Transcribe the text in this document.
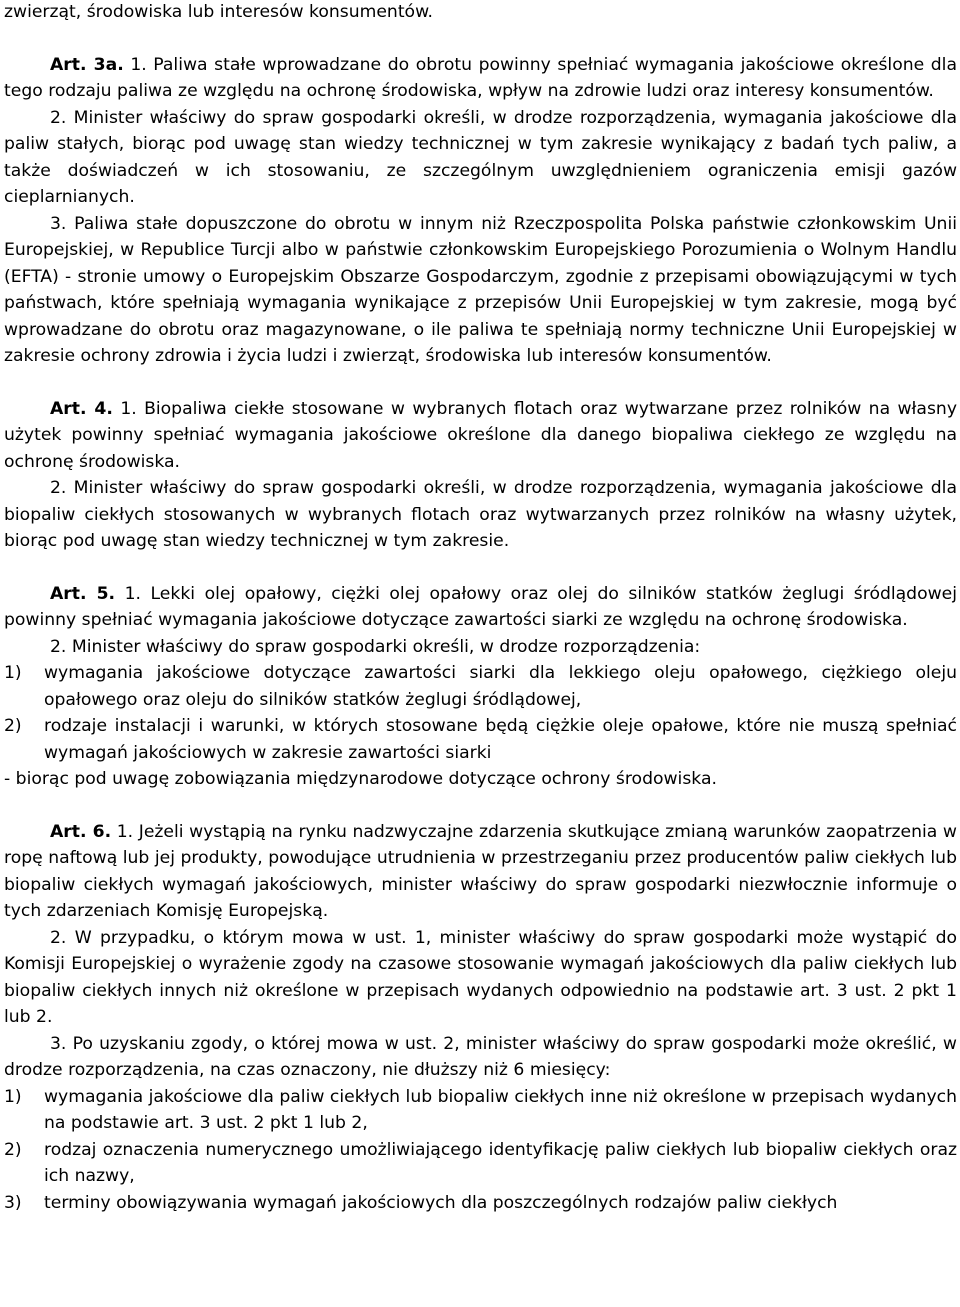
zwierząt, środowiska lub interesów konsumentów.

Art. 3a. 1. Paliwa stałe wprowadzane do obrotu powinny spełniać wymagania jakościowe określone dla tego rodzaju paliwa ze względu na ochronę środowiska, wpływ na zdrowie ludzi oraz interesy konsumentów.

2. Minister właściwy do spraw gospodarki określi, w drodze rozporządzenia, wymagania jakościowe dla paliw stałych, biorąc pod uwagę stan wiedzy technicznej w tym zakresie wynikający z badań tych paliw, a także doświadczeń w ich stosowaniu, ze szczególnym uwzględnieniem ograniczenia emisji gazów cieplarnianych.

3. Paliwa stałe dopuszczone do obrotu w innym niż Rzeczpospolita Polska państwie członkowskim Unii Europejskiej, w Republice Turcji albo w państwie członkowskim Europejskiego Porozumienia o Wolnym Handlu (EFTA) - stronie umowy o Europejskim Obszarze Gospodarczym, zgodnie z przepisami obowiązującymi w tych państwach, które spełniają wymagania wynikające z przepisów Unii Europejskiej w tym zakresie, mogą być wprowadzane do obrotu oraz magazynowane, o ile paliwa te spełniają normy techniczne Unii Europejskiej w zakresie ochrony zdrowia i życia ludzi i zwierząt, środowiska lub interesów konsumentów.

Art. 4. 1. Biopaliwa ciekłe stosowane w wybranych flotach oraz wytwarzane przez rolników na własny użytek powinny spełniać wymagania jakościowe określone dla danego biopaliwa ciekłego ze względu na ochronę środowiska.

2. Minister właściwy do spraw gospodarki określi, w drodze rozporządzenia, wymagania jakościowe dla biopaliw ciekłych stosowanych w wybranych flotach oraz wytwarzanych przez rolników na własny użytek, biorąc pod uwagę stan wiedzy technicznej w tym zakresie.

Art. 5. 1. Lekki olej opałowy, ciężki olej opałowy oraz olej do silników statków żeglugi śródlądowej powinny spełniać wymagania jakościowe dotyczące zawartości siarki ze względu na ochronę środowiska.

2. Minister właściwy do spraw gospodarki określi, w drodze rozporządzenia:

1)	wymagania jakościowe dotyczące zawartości siarki dla lekkiego oleju opałowego, ciężkiego oleju opałowego oraz oleju do silników statków żeglugi śródlądowej,
2)	rodzaje instalacji i warunki, w których stosowane będą ciężkie oleje opałowe, które nie muszą spełniać wymagań jakościowych w zakresie zawartości siarki

- biorąc pod uwagę zobowiązania międzynarodowe dotyczące ochrony środowiska.

Art. 6. 1. Jeżeli wystąpią na rynku nadzwyczajne zdarzenia skutkujące zmianą warunków zaopatrzenia w ropę naftową lub jej produkty, powodujące utrudnienia w przestrzeganiu przez producentów paliw ciekłych lub biopaliw ciekłych wymagań jakościowych, minister właściwy do spraw gospodarki niezwłocznie informuje o tych zdarzeniach Komisję Europejską.

2. W przypadku, o którym mowa w ust. 1, minister właściwy do spraw gospodarki może wystąpić do Komisji Europejskiej o wyrażenie zgody na czasowe stosowanie wymagań jakościowych dla paliw ciekłych lub biopaliw ciekłych innych niż określone w przepisach wydanych odpowiednio na podstawie art. 3 ust. 2 pkt 1 lub 2.

3. Po uzyskaniu zgody, o której mowa w ust. 2, minister właściwy do spraw gospodarki może określić, w drodze rozporządzenia, na czas oznaczony, nie dłuższy niż 6 miesięcy:

1)	wymagania jakościowe dla paliw ciekłych lub biopaliw ciekłych inne niż określone w przepisach wydanych na podstawie art. 3 ust. 2 pkt 1 lub 2,
2)	rodzaj oznaczenia numerycznego umożliwiającego identyfikację paliw ciekłych lub biopaliw ciekłych oraz ich nazwy,
3)	terminy obowiązywania wymagań jakościowych dla poszczególnych rodzajów paliw ciekłych
